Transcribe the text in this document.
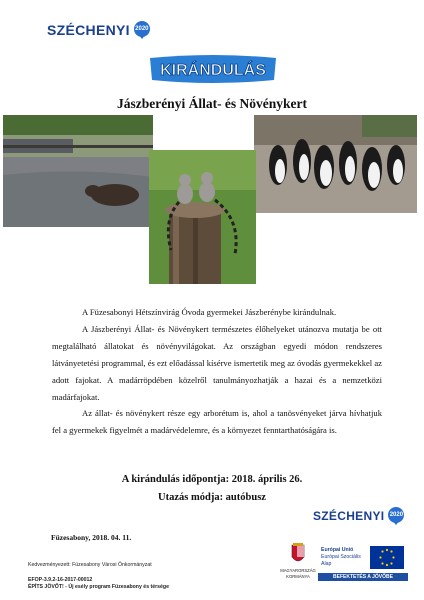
SZÉCHENYI 2020
KIRÁNDULÁS
Jászberényi Állat- és Növénykert
A Füzesabonyi Hétszínvirág Óvoda gyermekei Jászberénybe kirándulnak.
A Jászberényi Állat- és Növénykert természetes élőhelyeket utánozva mutatja be ott megtalálható állatokat és növényvilágokat. Az országban egyedi módon rendszeres látványetetési programmal, és ezt előadással kísérve ismertetik meg az óvodás gyermekekkel az adott fajokat. A madárröpdében közelről tanulmányozhatják a hazai és a nemzetközi madárfajokat.
Az állat- és növénykert része egy arborétum is, ahol a tanösvényeket járva hívhatjuk fel a gyermekek figyelmét a madárvédelemre, és a környezet fenntarthatóságára is.
A kirándulás időpontja: 2018. április 26.
Utazás módja: autóbusz
Füzesabony, 2018. 04. 11.
SZÉCHENYI 2020
Kedvezményezett: Füzesabony Városi Önkormányzat
EFOP-3.9.2-16-2017-00012
ÉPÍTS JÖVŐT! - Új esély program Füzesabony és térsége
MAGYARORSZÁG
KORMÁNYA
Európai Unió
Európai Szociális
Alap
BEFEKTETÉS A JÖVŐBE
